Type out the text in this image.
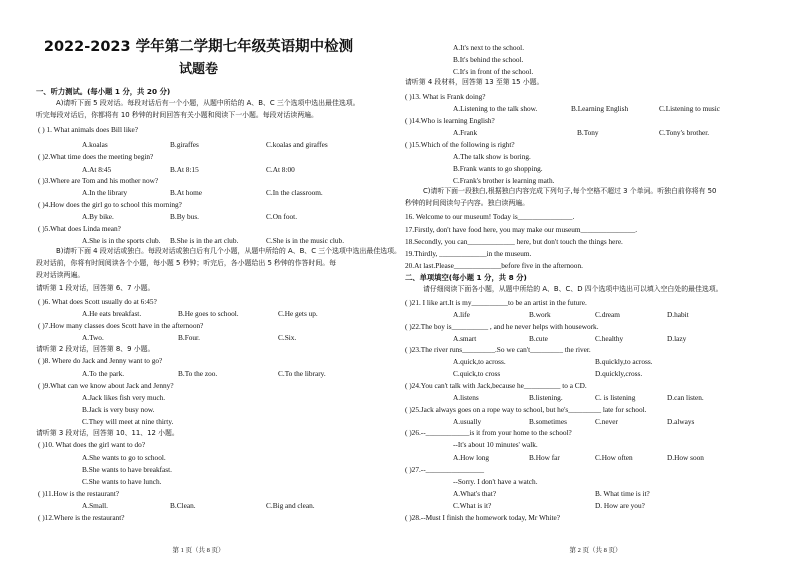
2022-2023 学年第二学期七年级英语期中检测
试题卷
一、听力测试。(每小题 1 分，共 20 分)
A)请听下面 5 段对话。每段对话后有一个小题，从题中所给的 A、B、C 三个选项中选出最佳选项。
听完每段对话后，你都将有 10 秒钟的时间回答有关小题和阅读下一小题。每段对话读两遍。
( ) 1. What animals does Bill like?
A.koalas	B.giraffes	C.koalas and giraffes
( )2.What time does the meeting begin?
A.At 8:45	B.At 8:15	C.At 8:00
( )3.Where are Tom and his mother now?
A.In the library	B.At home	C.In the classroom.
( )4.How does the girl go to school this morning?
A.By bike.	B.By bus.	C.On foot.
( )5.What does Linda mean?
A.She is in the sports club. B.She is in the art club.	C.She is in the music club.
B)请听下面 4 段对话或独白。每段对话或独白后有几个小题，从题中所给的 A、B、C 三个选项中选出最佳选项。
段对话前，你将有时间阅读各个小题，每小题 5 秒钟；听完后，各小题给出 5 秒钟的作答时间。每
段对话读两遍。
请听第 1 段对话，回答第 6、7 小题。
( )6. What does Scott usually do at 6:45?
A.He eats breakfast.	B.He goes to school.	C.He gets up.
( )7.How many classes does Scott have in the afternoon?
A.Two.	B.Four.	C.Six.
请听第 2 段对话，回答第 8、9 小题。
( )8. Where do Jack and Jenny want to go?
A.To the park.	B.To the zoo.	C.To the library.
( )9.What can we know about Jack and Jenny?
A.Jack likes fish very much.
B.Jack is very busy now.
C.They will meet at nine thirty.
请听第 3 段对话，回答第 10、11、12 小题。
( )10. What does the girl want to do?
A.She wants to go to school.
B.She wants to have breakfast.
C.She wants to have lunch.
( )11.How is the restaurant?
A.Small.	B.Clean.	C.Big and clean.
( )12.Where is the restaurant?
第 1 页（共 8 页）
A.It's next to the school.
B.It's behind the school.
C.It's in front of the school.
请听第 4 段材料，回答第 13 至第 15 小题。
( )13. What is Frank doing?
A.Listening to the talk show.	B.Learning English	C.Listening to music
( )14.Who is learning English?
A.Frank	B.Tony	C.Tony's brother.
( )15.Which of the following is right?
A.The talk show is boring.
B.Frank wants to go shopping.
C.Frank's brother is learning math.
C)请听下面一段独白,根据独白内容完成下列句子,每个空格不超过 3 个单词。听独白前你将有 50
秒钟的时间阅读句子内容。独白读两遍。
16. Welcome to our museum! Today is_______________.
17.Firstly, don't have food here, you may make our museum_______________.
18.Secondly, you can_____________ here, but don't touch the things here.
19.Thirdly, _____________in the museum.
20.At last.Please_____________before five in the afternoon.
二、单项填空(每小题 1 分，共 8 分)
请仔细阅读下面各小题，从题中所给的 A、B、C、D 四个选项中选出可以填入空白处的最佳选项。
( )21. I like art.It is my__________to be an artist in the future.
A.life	B.work	C.dream	D.habit
( )22.The boy is__________ , and he never helps with housework.
A.smart	B.cute	C.healthy	D.lazy
( )23.The river runs_________.So we can't_________ the river.
A.quick,to across.	B.quickly,to across.
C.quick,to cross	D.quickly,cross.
( )24.You can't talk with Jack,because he__________ to a CD.
A.listens	B.listening.	C. is listening	D.can listen.
( )25.Jack always goes on a rope way to school, but he's_________ late for school.
A.usually	B.sometimes	C.never	D.always
( )26.--____________is it from your home to the school?
--It's about 10 minutes' walk.
A.How long	B.How far	C.How often	D.How soon
( )27.--________________
--Sorry. I don't have a watch.
A.What's that?	B. What time is it?
C.What is it?	D. How are you?
( )28.--Must I finish the homework today, Mr White?
第 2 页（共 8 页）
